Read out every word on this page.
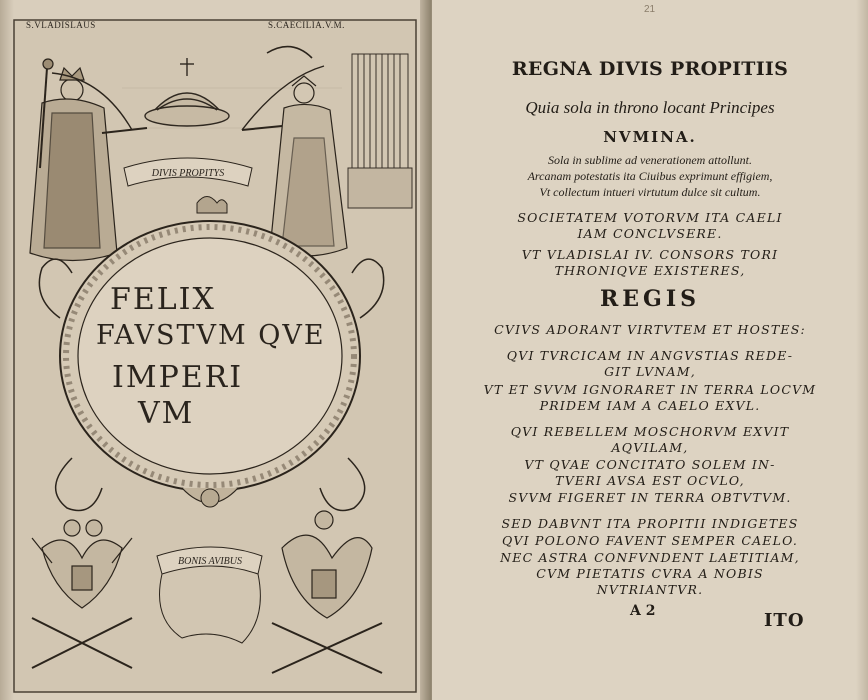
DIVIS PROPITYS
BONIS AVIBUS
S.VLADISLAUS	S.CAECILIA.V.M.
FELIX
FAVSTVM QVE
IMPERI
VM
21
REGNA DIVIS PROPITIIS
Quia sola in throno locant Principes
NVMINA.
Sola in sublime ad venerationem attollunt.
Arcanam potestatis ita Ciuibus exprimunt effigiem,
Vt collectum intueri virtutum dulce sit cultum.
SOCIETATEM VOTORVM ITA CAELI
IAM CONCLVSERE.
VT VLADISLAI IV. CONSORS TORI
THRONIQVE EXISTERES,
REGIS
CVIVS ADORANT VIRTVTEM ET HOSTES:
QVI TVRCICAM IN ANGVSTIAS REDE-
GIT LVNAM,
VT ET SVVM IGNORARET IN TERRA LOCVM
PRIDEM IAM A CAELO EXVL.
QVI REBELLEM MOSCHORVM EXVIT
AQVILAM,
VT QVAE CONCITATO SOLEM IN-
TVERI AVSA EST OCVLO,
SVVM FIGERET IN TERRA OBTVTVM.
SED DABVNT ITA PROPITII INDIGETES
QVI POLONO FAVENT SEMPER CAELO.
NEC ASTRA CONFVNDENT LAETITIAM,
CVM PIETATIS CVRA A NOBIS
NVTRIANTVR.
A 2	ITO
